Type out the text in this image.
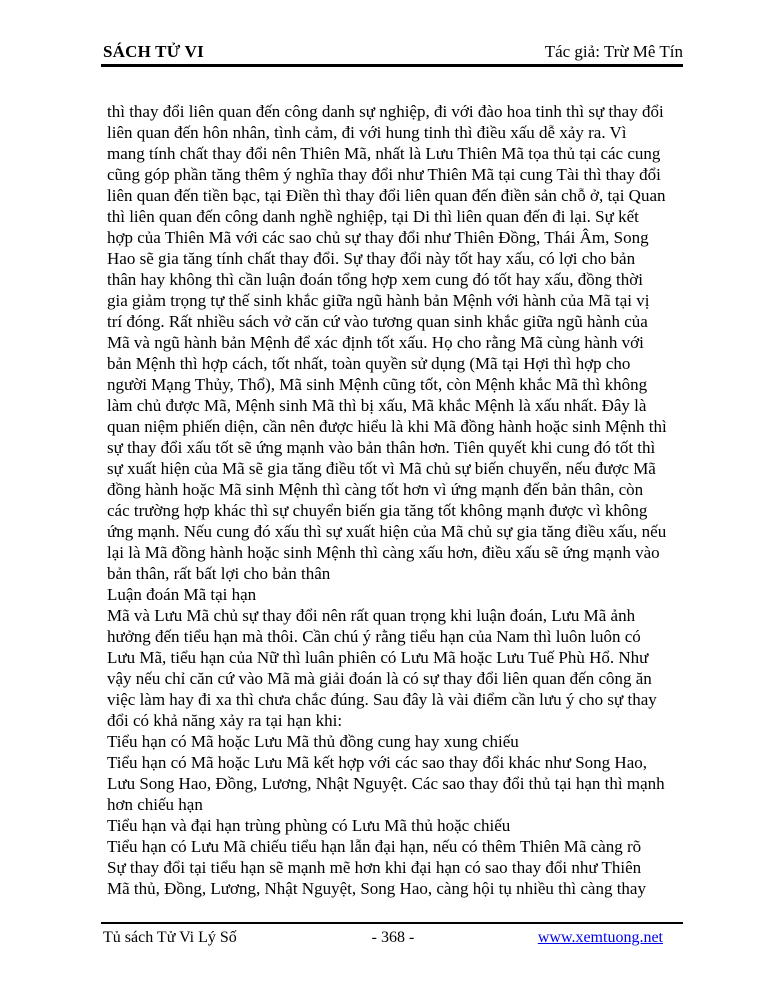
SÁCH TỬ VI	Tác giả: Trừ Mê Tín
thì thay đổi liên quan đến công danh sự nghiệp, đi với đào hoa tinh thì sự thay đổi
liên quan đến hôn nhân, tình cảm, đi với hung tinh thì điều xấu dễ xảy ra. Vì
mang tính chất thay đổi nên Thiên Mã, nhất là Lưu Thiên Mã tọa thủ tại các cung
cũng góp phần tăng thêm ý nghĩa thay đổi như Thiên Mã tại cung Tài thì thay đổi
liên quan đến tiền bạc, tại Điền thì thay đổi liên quan đến điền sản chỗ ở, tại Quan
thì liên quan đến công danh nghề nghiệp, tại Di thì liên quan đến đi lại. Sự kết
hợp của Thiên Mã với các sao chủ sự thay đổi như Thiên Đồng, Thái Âm, Song
Hao sẽ gia tăng tính chất thay đổi. Sự thay đổi này tốt hay xấu, có lợi cho bản
thân hay không thì cần luận đoán tổng hợp xem cung đó tốt hay xấu, đồng thời
gia giảm trọng tự thế sinh khắc giữa ngũ hành bản Mệnh với hành của Mã tại vị
trí đóng. Rất nhiều sách vở căn cứ vào tương quan sinh khắc giữa ngũ hành của
Mã và ngũ hành bản Mệnh để xác định tốt xấu. Họ cho rằng Mã cùng hành với
bản Mệnh thì hợp cách, tốt nhất, toàn quyền sử dụng (Mã tại Hợi thì hợp cho
người Mạng Thủy, Thổ), Mã sinh Mệnh cũng tốt, còn Mệnh khắc Mã thì không
làm chủ được Mã, Mệnh sinh Mã thì bị xấu, Mã khắc Mệnh là xấu nhất. Đây là
quan niệm phiến diện, cần nên được hiểu là khi Mã đồng hành hoặc sinh Mệnh thì
sự thay đổi xấu tốt sẽ ứng mạnh vào bản thân hơn. Tiên quyết khi cung đó tốt thì
sự xuất hiện của Mã sẽ gia tăng điều tốt vì Mã chủ sự biến chuyển, nếu được Mã
đồng hành hoặc Mã sinh Mệnh thì càng tốt hơn vì ứng mạnh đến bản thân, còn
các trường hợp khác thì sự chuyển biến gia tăng tốt không mạnh được vì không
ứng mạnh. Nếu cung đó xấu thì sự xuất hiện của Mã chủ sự gia tăng điều xấu, nếu
lại là Mã đồng hành hoặc sinh Mệnh thì càng xấu hơn, điều xấu sẽ ứng mạnh vào
bản thân, rất bất lợi cho bản thân
Luận đoán Mã tại hạn
Mã và Lưu Mã chủ sự thay đổi nên rất quan trọng khi luận đoán, Lưu Mã ảnh
hưởng đến tiểu hạn mà thôi. Cần chú ý rằng tiểu hạn của Nam thì luôn luôn có
Lưu Mã, tiểu hạn của Nữ thì luân phiên có Lưu Mã hoặc Lưu Tuế Phù Hổ. Như
vậy nếu chỉ căn cứ vào Mã mà giải đoán là có sự thay đổi liên quan đến công ăn
việc làm hay đi xa thì chưa chắc đúng. Sau đây là vài điểm cần lưu ý cho sự thay
đổi có khả năng xảy ra tại hạn khi:
Tiểu hạn có Mã hoặc Lưu Mã thủ đồng cung hay xung chiếu
Tiểu hạn có Mã hoặc Lưu Mã kết hợp với các sao thay đổi khác như Song Hao,
Lưu Song Hao, Đồng, Lương, Nhật Nguyệt. Các sao thay đổi thủ tại hạn thì mạnh
hơn chiếu hạn
Tiểu hạn và đại hạn trùng phùng có Lưu Mã thủ hoặc chiếu
Tiểu hạn có Lưu Mã chiếu tiểu hạn lẫn đại hạn, nếu có thêm Thiên Mã càng rõ
Sự thay đổi tại tiểu hạn sẽ mạnh mẽ hơn khi đại hạn có sao thay đổi như Thiên
Mã thủ, Đồng, Lương, Nhật Nguyệt, Song Hao, càng hội tụ nhiều thì càng thay
Tủ sách Tử Vi Lý Số	- 368 -	www.xemtuong.net
